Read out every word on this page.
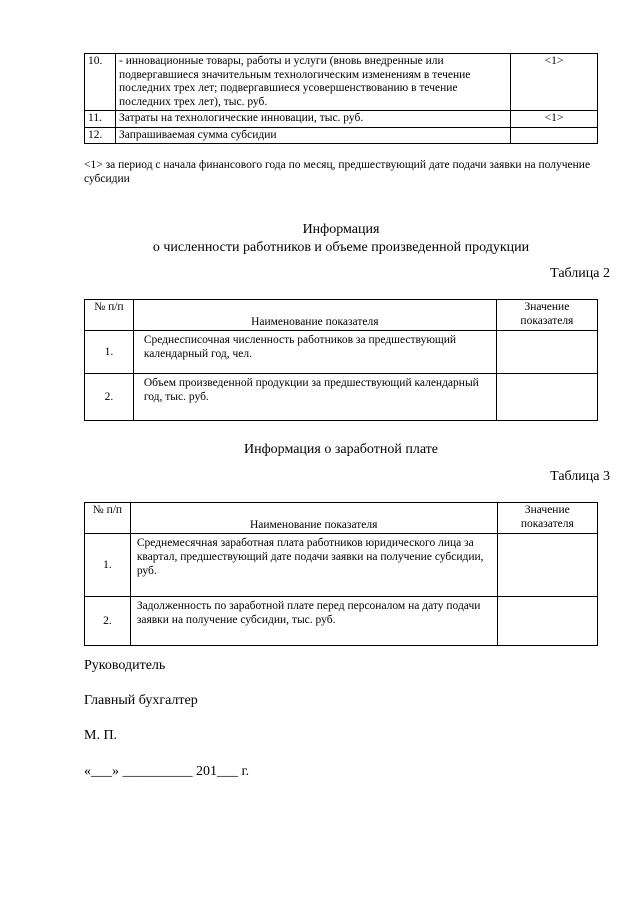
10.	- инновационные товары, работы и услуги (вновь внедренные или подвергавшиеся значительным технологическим изменениям в течение последних трех лет; подвергавшиеся усовершенствованию в течение последних трех лет), тыс. руб.	<1>
11.	Затраты на технологические инновации, тыс. руб.	<1>
12.	Запрашиваемая сумма субсидии	
<1> за период с начала финансового года по месяц, предшествующий дате подачи заявки на получение субсидии
Информация
о численности работников и объеме произведенной продукции
Таблица 2
№ п/п	Наименование показателя	Значение показателя
1.	Среднесписочная численность работников за предшествующий календарный год, чел.	
2.	Объем произведенной продукции за предшествующий календарный год, тыс. руб.	
Информация о заработной плате
Таблица 3
№ п/п	Наименование показателя	Значение показателя
1.	Среднемесячная заработная плата работников юридического лица за квартал, предшествующий дате подачи заявки на получение субсидии, руб.	
2.	Задолженность по заработной плате перед персоналом на дату подачи заявки на получение субсидии, тыс. руб.	
Руководитель
Главный бухгалтер
М. П.
«___» __________ 201___ г.
